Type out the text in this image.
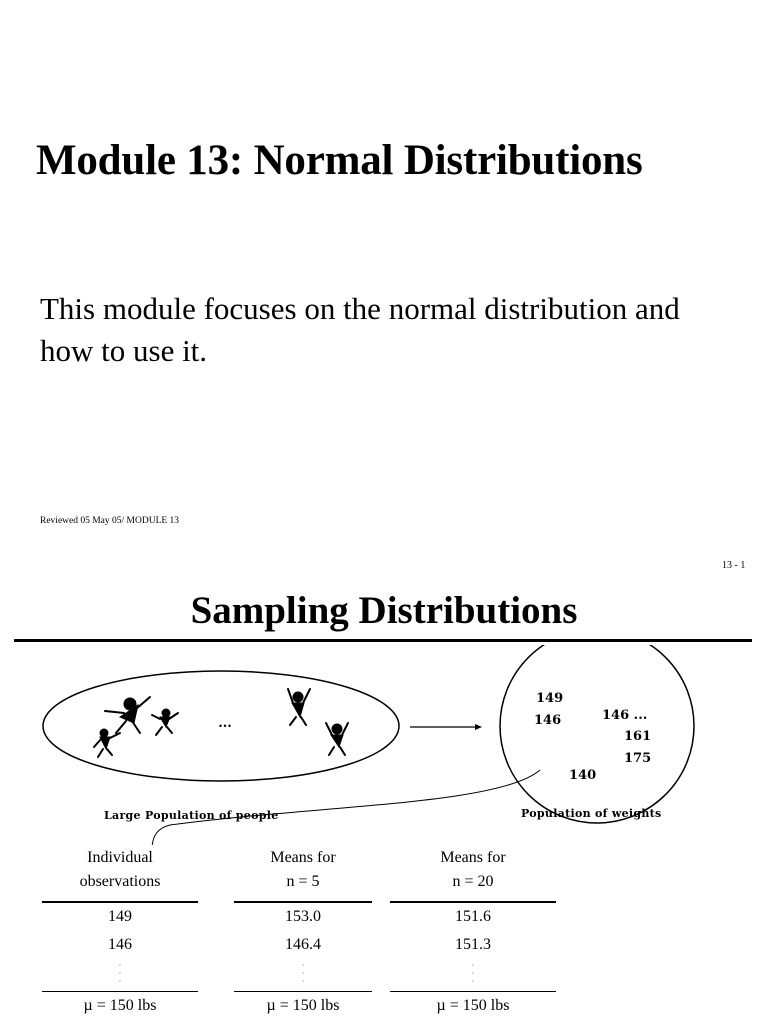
Module 13: Normal Distributions
This module focuses on the normal distribution and how to use it.
Reviewed 05 May 05/ MODULE 13
13 - 1
Sampling Distributions
...
149
146	146 ...
161
175
140
Large Population of people	Population of weights
Individual
observations
149
146
·
·
·
µ = 150 lbs
Means for
n = 5
153.0
146.4
·
·
·
µ = 150 lbs
Means for
n = 20
151.6
151.3
·
·
·
µ = 150 lbs
